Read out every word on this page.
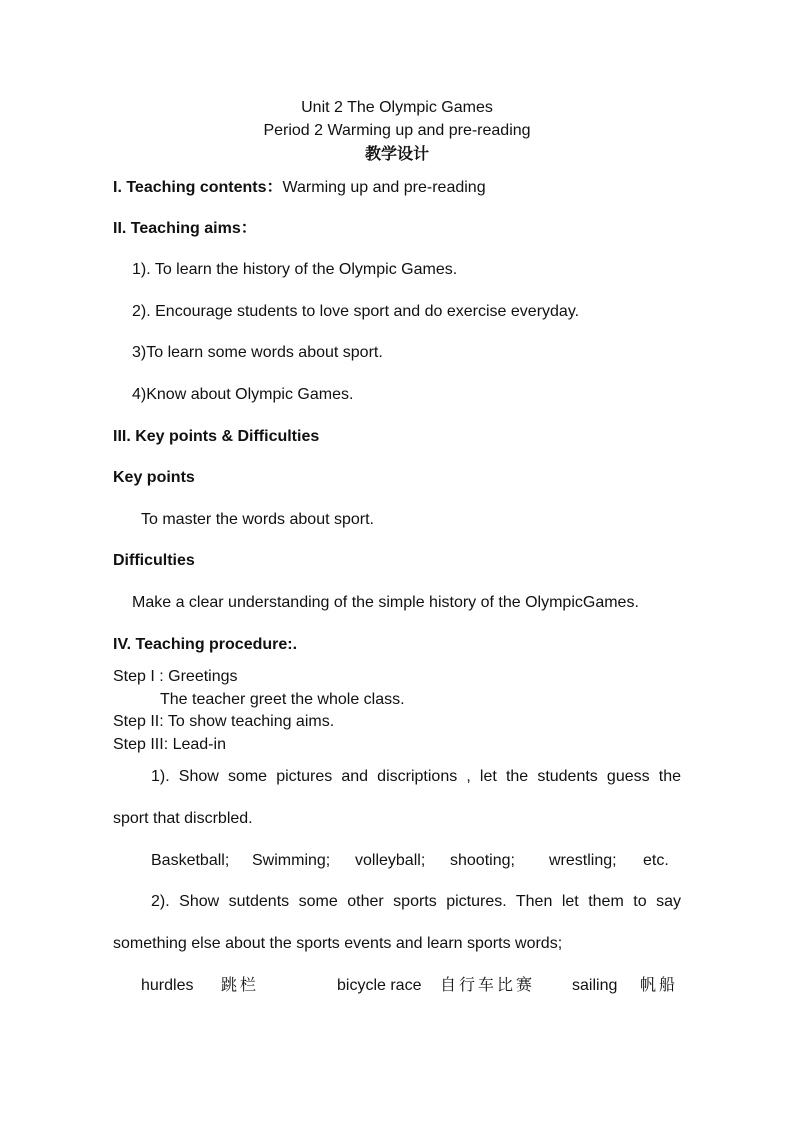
Unit 2 The Olympic Games
Period 2 Warming up and pre-reading
教学设计
I. Teaching contents：Warming up and pre-reading
II. Teaching aims：
1). To learn the history of the Olympic Games.
2). Encourage students to love sport and do exercise everyday.
3)To learn some words about sport.
4)Know about Olympic Games.
III. Key points & Difficulties
Key points
To master the words about sport.
Difficulties
Make a clear understanding of the simple history of the OlympicGames.
IV. Teaching procedure:.
Step I : Greetings
The teacher greet the whole class.
Step II: To show teaching aims.
Step III: Lead-in
1). Show some pictures and discriptions , let the students guess the
sport that discrbled.
Basketball; Swimming; volleyball; shooting; wrestling; etc.
2). Show sutdents some other sports pictures. Then let them to say
something else about the sports events and learn sports words;
hurdles 跳栏	bicycle race 自行车比赛 sailing 帆船
